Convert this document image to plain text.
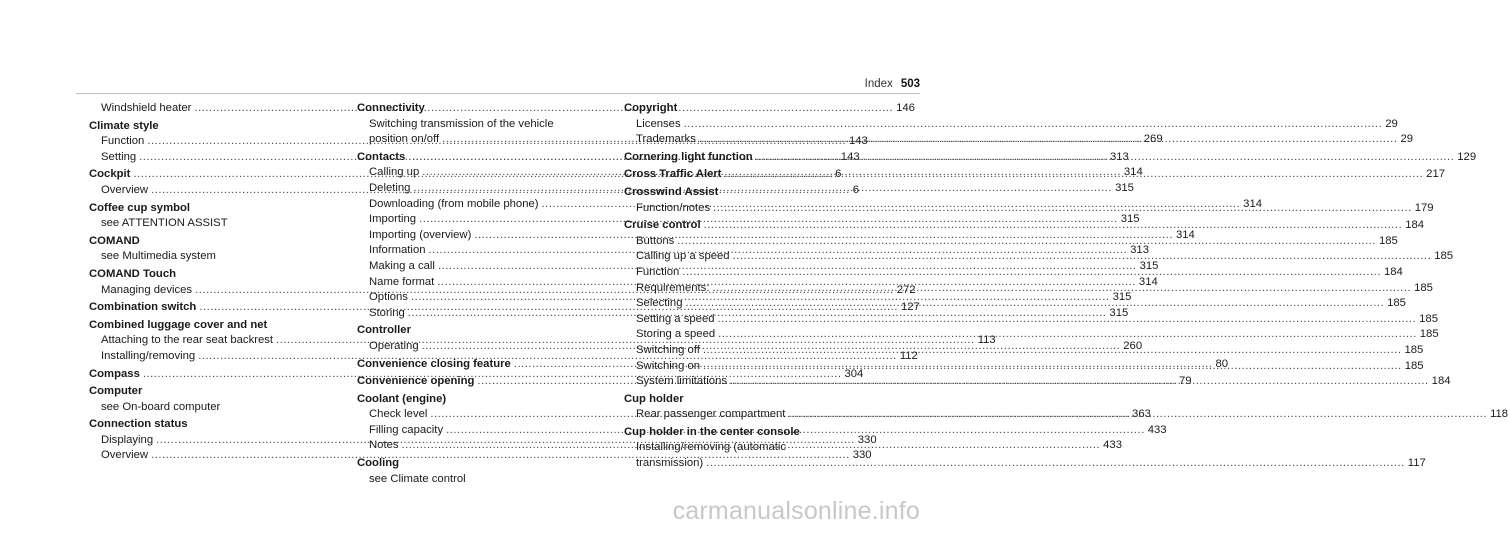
Index 503
Windshield heater .....	146
Climate style
Function .....	143
Setting .....	143
Cockpit .....	6
Overview .....	6
Coffee cup symbol
see ATTENTION ASSIST
COMAND
see Multimedia system
COMAND Touch
Managing devices .....	272
Combination switch .....	127
Combined luggage cover and net
Attaching to the rear seat backrest .....	113
Installing/removing .....	112
Compass .....	304
Computer
see On-board computer
Connection status
Displaying .....	330
Overview .....	330
Connectivity
Switching transmission of the vehicle
position on/off .....	269
Contacts .....	313
Calling up .....	314
Deleting .....	315
Downloading (from mobile phone) .....	314
Importing .....	315
Importing (overview) .....	314
Information .....	313
Making a call .....	315
Name format .....	314
Options .....	315
Storing .....	315
Controller
Operating .....	260
Convenience closing feature .....	80
Convenience opening .....	79
Coolant (engine)
Check level .....	363
Filling capacity .....	433
Notes .....	433
Cooling
see Climate control
Copyright
Licenses .....	29
Trademarks .....	29
Cornering light function .....	129
Cross Traffic Alert .....	217
Crosswind Assist
Function/notes .....	179
Cruise control .....	184
Buttons .....	185
Calling up a speed .....	185
Function .....	184
Requirements: .....	185
Selecting .....	185
Setting a speed .....	185
Storing a speed .....	185
Switching off .....	185
Switching on .....	185
System limitations .....	184
Cup holder
Rear passenger compartment .....	118
Cup holder in the center console
Installing/removing (automatic
transmission) .....	117
carmanualsonline.info
